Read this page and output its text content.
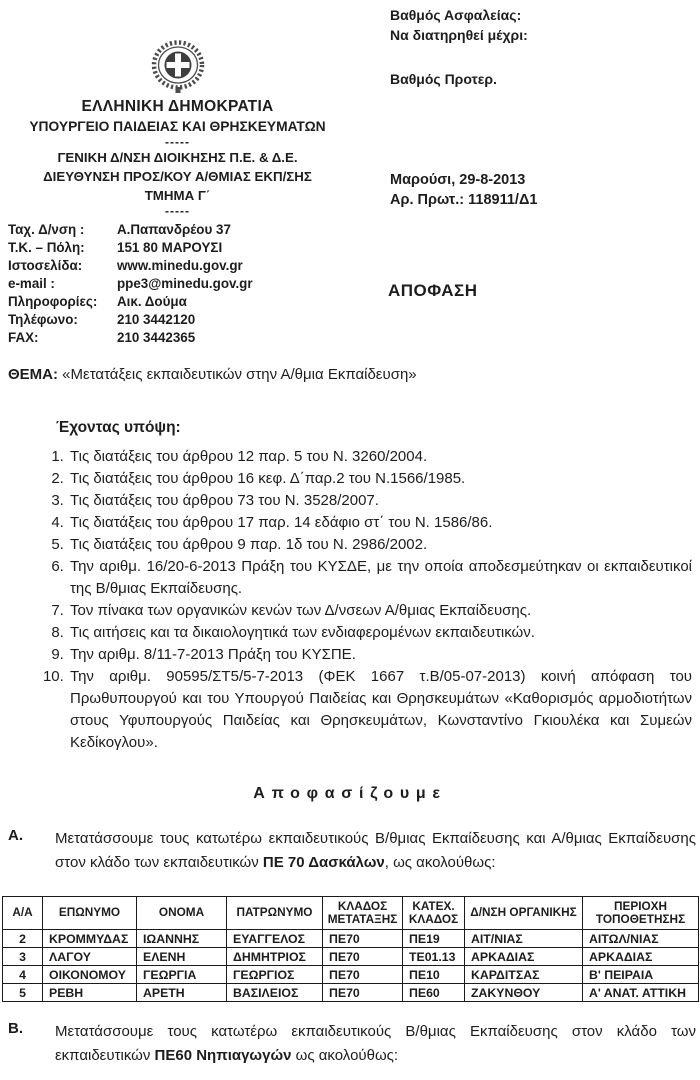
Βαθμός Ασφαλείας:
Να διατηρηθεί μέχρι:
Βαθμός Προτερ.
ΕΛΛΗΝΙΚΗ ΔΗΜΟΚΡΑΤΙΑ
ΥΠΟΥΡΓΕΙΟ ΠΑΙΔΕΙΑΣ ΚΑΙ ΘΡΗΣΚΕΥΜΑΤΩΝ
-----
ΓΕΝΙΚΗ Δ/ΝΣΗ ΔΙΟΙΚΗΣΗΣ Π.Ε. & Δ.Ε.
ΔΙΕΥΘΥΝΣΗ ΠΡΟΣ/ΚΟΥ Α/ΘΜΙΑΣ ΕΚΠ/ΣΗΣ
ΤΜΗΜΑ Γ΄
-----
Ταχ. Δ/νση :	Α.Παπανδρέου 37
Τ.Κ. – Πόλη:	151 80 ΜΑΡΟΥΣΙ
Ιστοσελίδα:	www.minedu.gov.gr
e-mail :	ppe3@minedu.gov.gr
Πληροφορίες:	Αικ. Δούμα
Τηλέφωνο:	210 3442120
FAX:	210 3442365
Μαρούσι, 29-8-2013
Αρ. Πρωτ.: 118911/Δ1
ΑΠΟΦΑΣΗ
ΘΕΜΑ: «Μετατάξεις εκπαιδευτικών στην Α/θμια Εκπαίδευση»
Έχοντας υπόψη:
1. Τις διατάξεις του άρθρου 12 παρ. 5 του Ν. 3260/2004.
2. Τις διατάξεις του άρθρου 16 κεφ. Δ΄παρ.2 του Ν.1566/1985.
3. Τις διατάξεις του άρθρου 73 του Ν. 3528/2007.
4. Τις διατάξεις του άρθρου 17 παρ. 14 εδάφιο στ΄ του Ν. 1586/86.
5. Τις διατάξεις του άρθρου 9 παρ. 1δ του Ν. 2986/2002.
6. Την αριθμ. 16/20-6-2013 Πράξη του ΚΥΣΔΕ, με την οποία αποδεσμεύτηκαν οι εκπαιδευτικοί της Β/θμιας Εκπαίδευσης.
7. Τον πίνακα των οργανικών κενών των Δ/νσεων Α/θμιας Εκπαίδευσης.
8. Τις αιτήσεις και τα δικαιολογητικά των ενδιαφερομένων εκπαιδευτικών.
9. Την αριθμ. 8/11-7-2013 Πράξη του ΚΥΣΠΕ.
10. Την αριθμ. 90595/ΣΤ5/5-7-2013 (ΦΕΚ 1667 τ.Β/05-07-2013) κοινή απόφαση του Πρωθυπουργού και του Υπουργού Παιδείας και Θρησκευμάτων «Καθορισμός αρμοδιοτήτων στους Υφυπουργούς Παιδείας και Θρησκευμάτων, Κωνσταντίνο Γκιουλέκα και Συμεών Κεδίκογλου».
Αποφασίζουμε
Α. Μετατάσσουμε τους κατωτέρω εκπαιδευτικούς Β/θμιας Εκπαίδευσης και Α/θμιας Εκπαίδευσης στον κλάδο των εκπαιδευτικών ΠΕ 70 Δασκάλων, ως ακολούθως:
Α/Α	ΕΠΩΝΥΜΟ	ΟΝΟΜΑ	ΠΑΤΡΩΝΥΜΟ	ΚΛΑΔΟΣ ΜΕΤΑΤΑΞΗΣ	ΚΑΤΕΧ. ΚΛΑΔΟΣ	Δ/ΝΣΗ ΟΡΓΑΝΙΚΗΣ	ΠΕΡΙΟΧΗ ΤΟΠΟΘΕΤΗΣΗΣ
2	ΚΡΟΜΜΥΔΑΣ	ΙΩΑΝΝΗΣ	ΕΥΑΓΓΕΛΟΣ	ΠΕ70	ΠΕ19	ΑΙΤ/ΝΙΑΣ	ΑΙΤΩΛ/ΝΙΑΣ
3	ΛΑΓΟΥ	ΕΛΕΝΗ	ΔΗΜΗΤΡΙΟΣ	ΠΕ70	ΤΕ01.13	ΑΡΚΑΔΙΑΣ	ΑΡΚΑΔΙΑΣ
4	ΟΙΚΟΝΟΜΟΥ	ΓΕΩΡΓΙΑ	ΓΕΩΡΓΙΟΣ	ΠΕ70	ΠΕ10	ΚΑΡΔΙΤΣΑΣ	Β' ΠΕΙΡΑΙΑ
5	ΡΕΒΗ	ΑΡΕΤΗ	ΒΑΣΙΛΕΙΟΣ	ΠΕ70	ΠΕ60	ΖΑΚΥΝΘΟΥ	Α' ΑΝΑΤ. ΑΤΤΙΚΗ
Β. Μετατάσσουμε τους κατωτέρω εκπαιδευτικούς Β/θμιας Εκπαίδευσης στον κλάδο των εκπαιδευτικών ΠΕ60 Νηπιαγωγών ως ακολούθως:
